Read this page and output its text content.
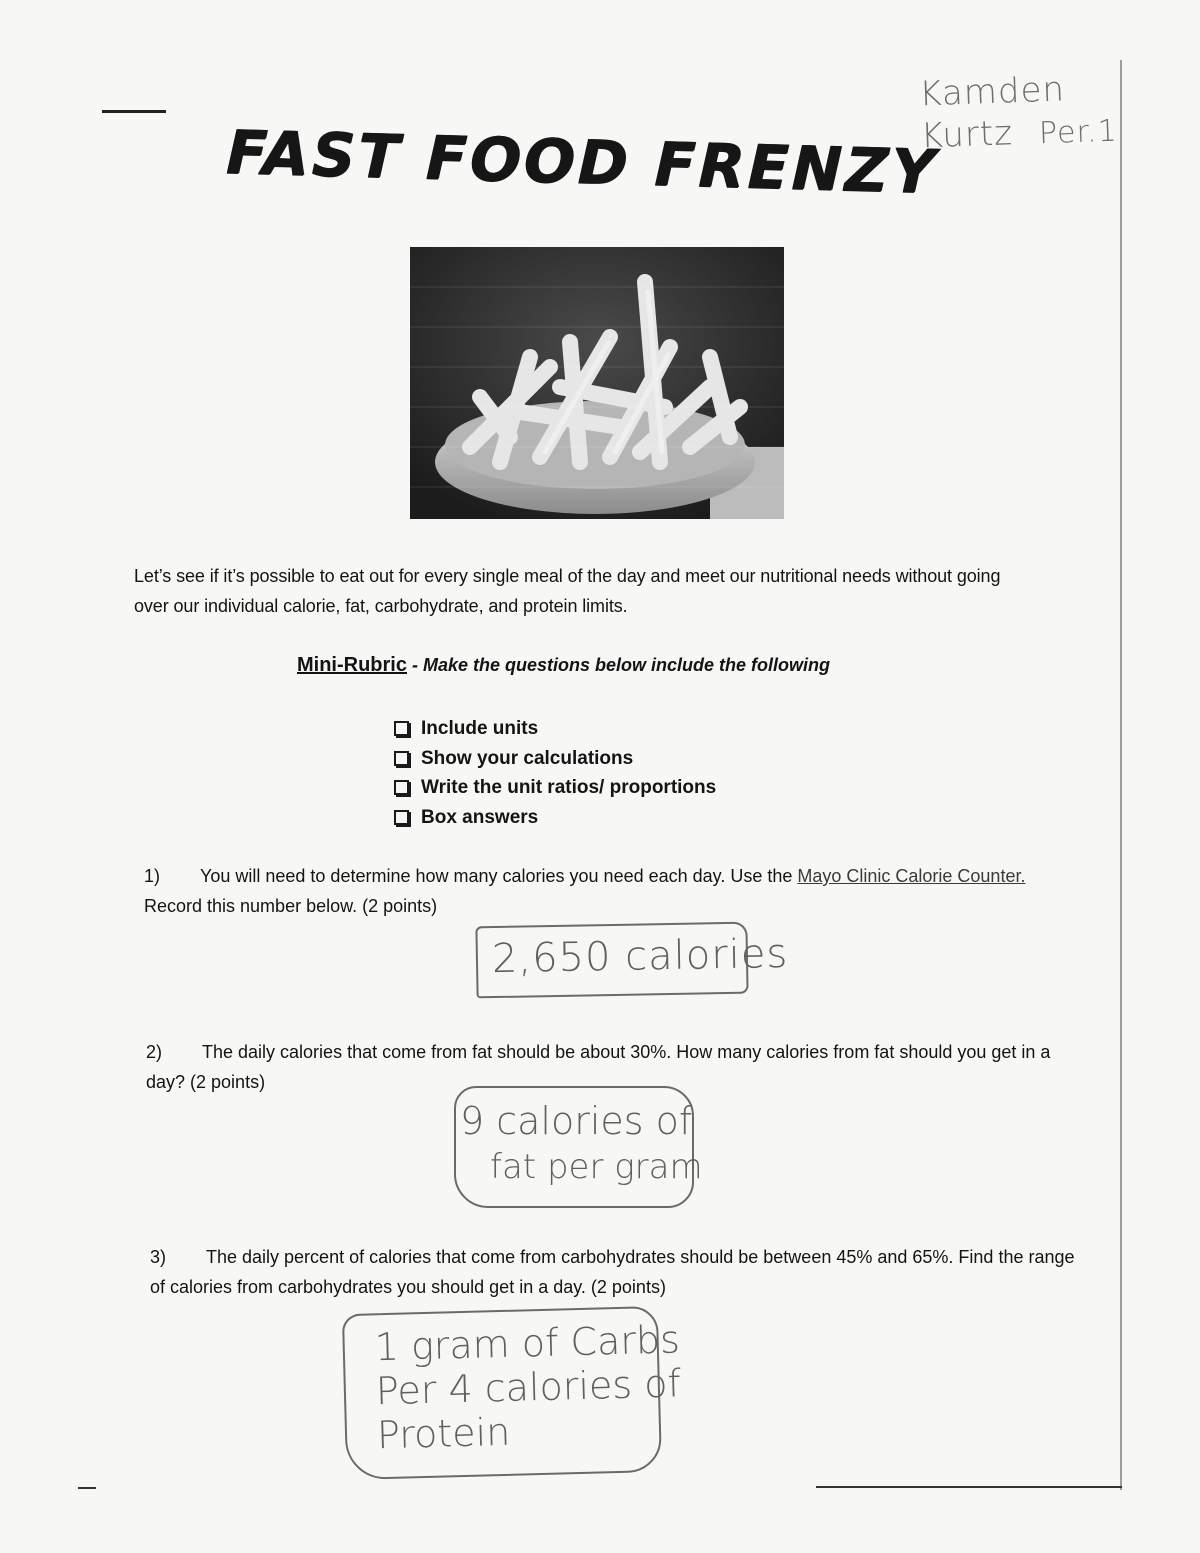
Kamden
Kurtz Per.1
FAST FOOD FRENZY

Let’s see if it’s possible to eat out for every single meal of the day and meet our nutritional needs without going over our individual calorie, fat, carbohydrate, and protein limits.

Mini-Rubric - Make the questions below include the following
Include units
Show your calculations
Write the unit ratios/ proportions
Box answers
1) You will need to determine how many calories you need each day. Use the Mayo Clinic Calorie Counter. Record this number below. (2 points)
2,650 calories
2) The daily calories that come from fat should be about 30%. How many calories from fat should you get in a day? (2 points)
9 calories of
fat per gram
3) The daily percent of calories that come from carbohydrates should be between 45% and 65%. Find the range of calories from carbohydrates you should get in a day. (2 points)
1 gram of Carbs
Per 4 calories of
Protein
